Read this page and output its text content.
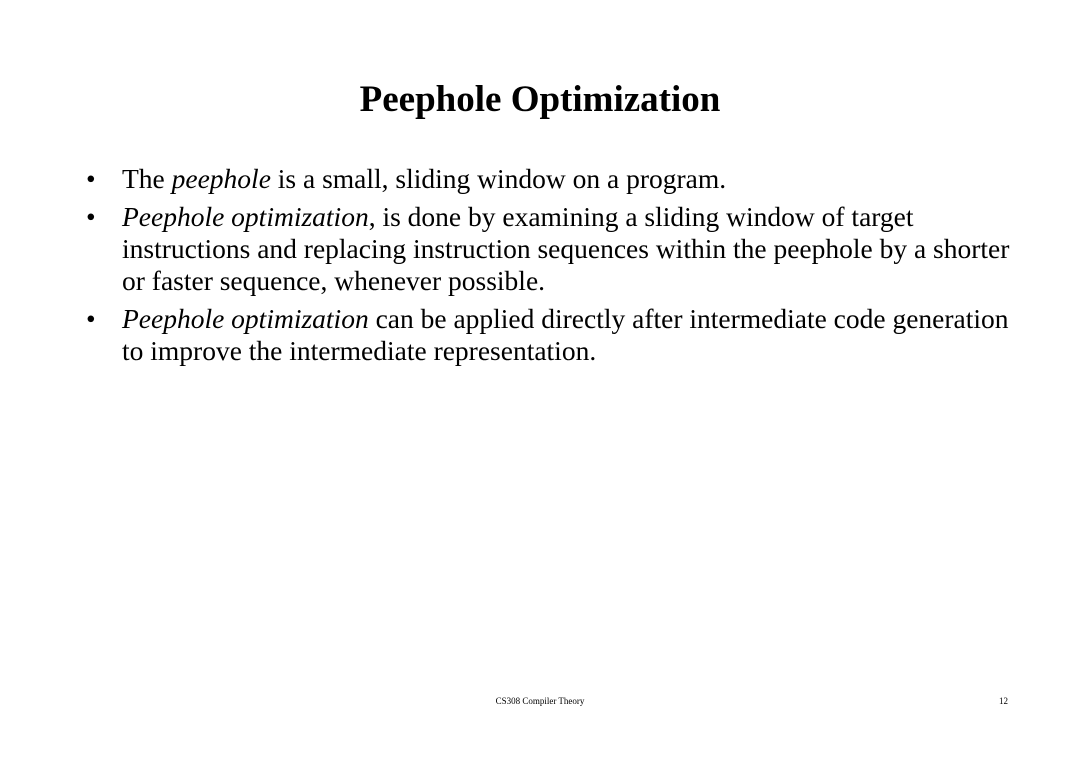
Peephole Optimization
• The peephole is a small, sliding window on a program.
• Peephole optimization, is done by examining a sliding window of target instructions and replacing instruction sequences within the peephole by a shorter or faster sequence, whenever possible.
• Peephole optimization can be applied directly after intermediate code generation to improve the intermediate representation.
CS308 Compiler Theory	12
